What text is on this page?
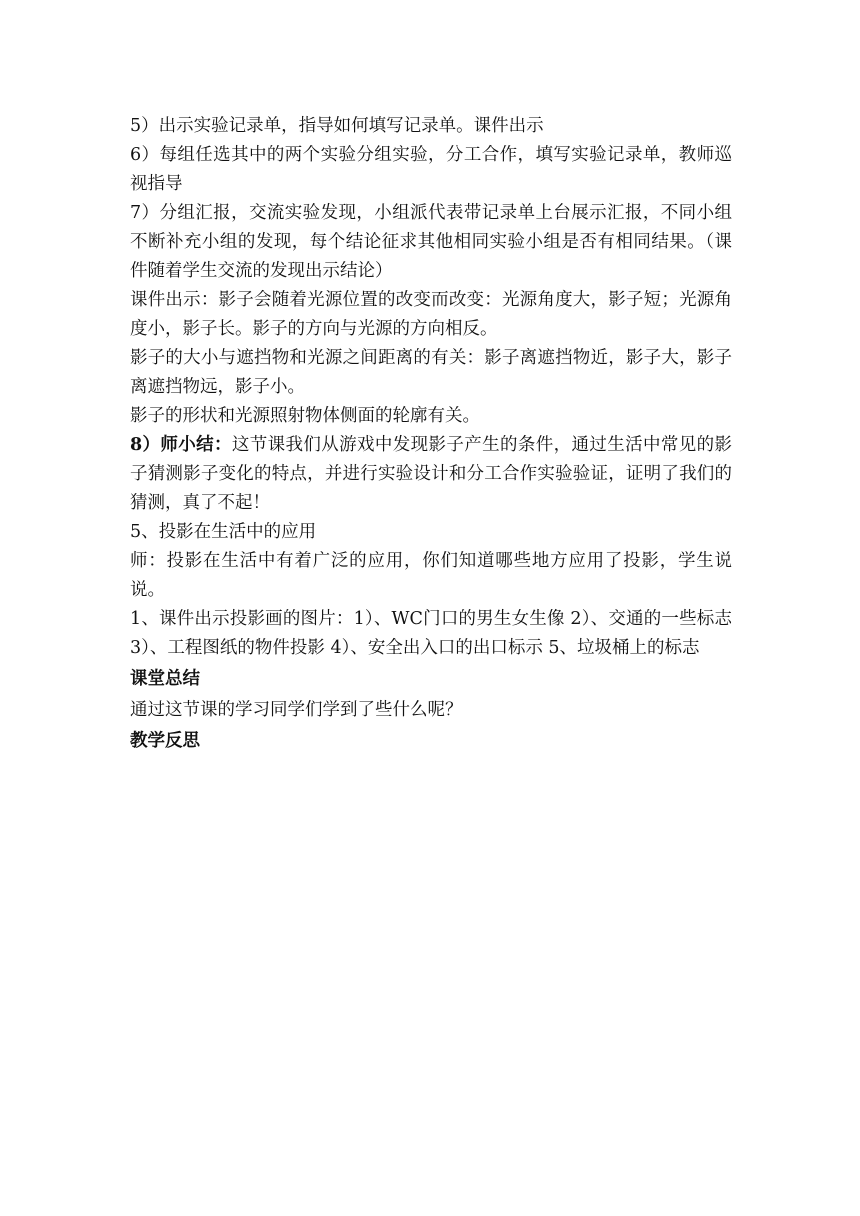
5）出示实验记录单，指导如何填写记录单。课件出示

6）每组任选其中的两个实验分组实验，分工合作，填写实验记录单，教师巡视指导

7）分组汇报，交流实验发现，小组派代表带记录单上台展示汇报，不同小组不断补充小组的发现，每个结论征求其他相同实验小组是否有相同结果。（课件随着学生交流的发现出示结论）

课件出示：影子会随着光源位置的改变而改变：光源角度大，影子短；光源角度小，影子长。影子的方向与光源的方向相反。

影子的大小与遮挡物和光源之间距离的有关：影子离遮挡物近，影子大，影子离遮挡物远，影子小。

影子的形状和光源照射物体侧面的轮廓有关。

8）师小结：这节课我们从游戏中发现影子产生的条件，通过生活中常见的影子猜测影子变化的特点，并进行实验设计和分工合作实验验证，证明了我们的猜测，真了不起！

5、投影在生活中的应用

师：投影在生活中有着广泛的应用，你们知道哪些地方应用了投影，学生说说。

1、课件出示投影画的图片：1）、WC门口的男生女生像 2）、交通的一些标志 3）、工程图纸的物件投影 4）、安全出入口的出口标示 5、垃圾桶上的标志

课堂总结

通过这节课的学习同学们学到了些什么呢？

教学反思
